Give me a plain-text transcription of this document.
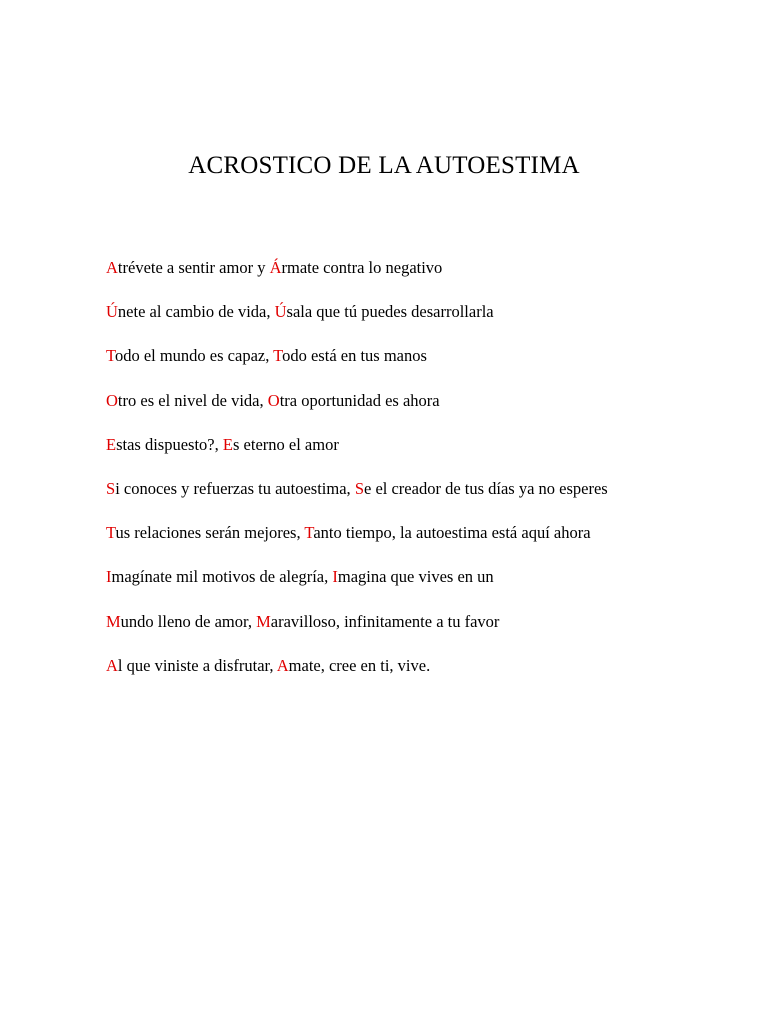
ACROSTICO DE LA AUTOESTIMA
Atrévete a sentir amor y Ármate contra lo negativo
Únete al cambio de vida, Úsala que tú puedes desarrollarla
Todo el mundo es capaz, Todo está en tus manos
Otro es el nivel de vida, Otra oportunidad es ahora
Estas dispuesto?, Es eterno el amor
Si conoces y refuerzas tu autoestima, Se el creador de tus días ya no esperes
Tus relaciones serán mejores, Tanto tiempo, la autoestima está aquí ahora
Imagínate mil motivos de alegría, Imagina que vives en un
Mundo lleno de amor, Maravilloso, infinitamente a tu favor
Al que viniste a disfrutar, Amate, cree en ti, vive.
